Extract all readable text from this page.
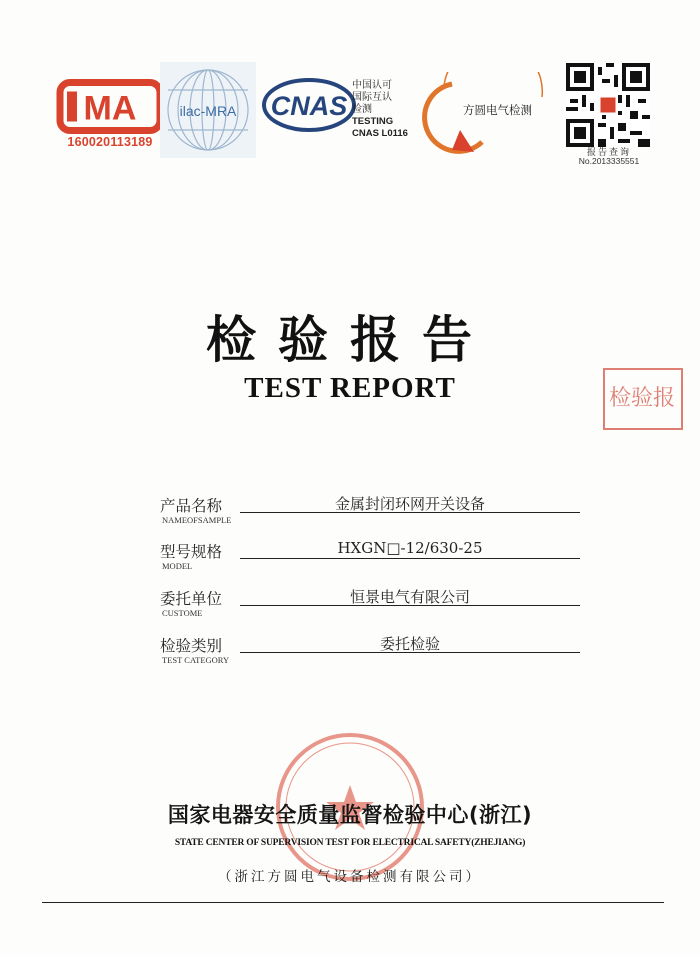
MA
160020113189
ilac-MRA CNAS
中国认可
国际互认
检测
TESTING
CNAS L0116
方圆电气检测
报告查询
No.2013335551
检验报告
TEST REPORT	检验报
产品名称
NAMEOFSAMPLE
金属封闭环网开关设备
型号规格
MODEL
HXGN□-12/630-25
委托单位
CUSTOME
恒景电气有限公司
检验类别
TEST CATEGORY
委托检验
国家电器安全质量监督检验中心(浙江)
STATE CENTER OF SUPERVISION TEST FOR ELECTRICAL SAFETY(ZHEJIANG)
（浙江方圆电气设备检测有限公司）
